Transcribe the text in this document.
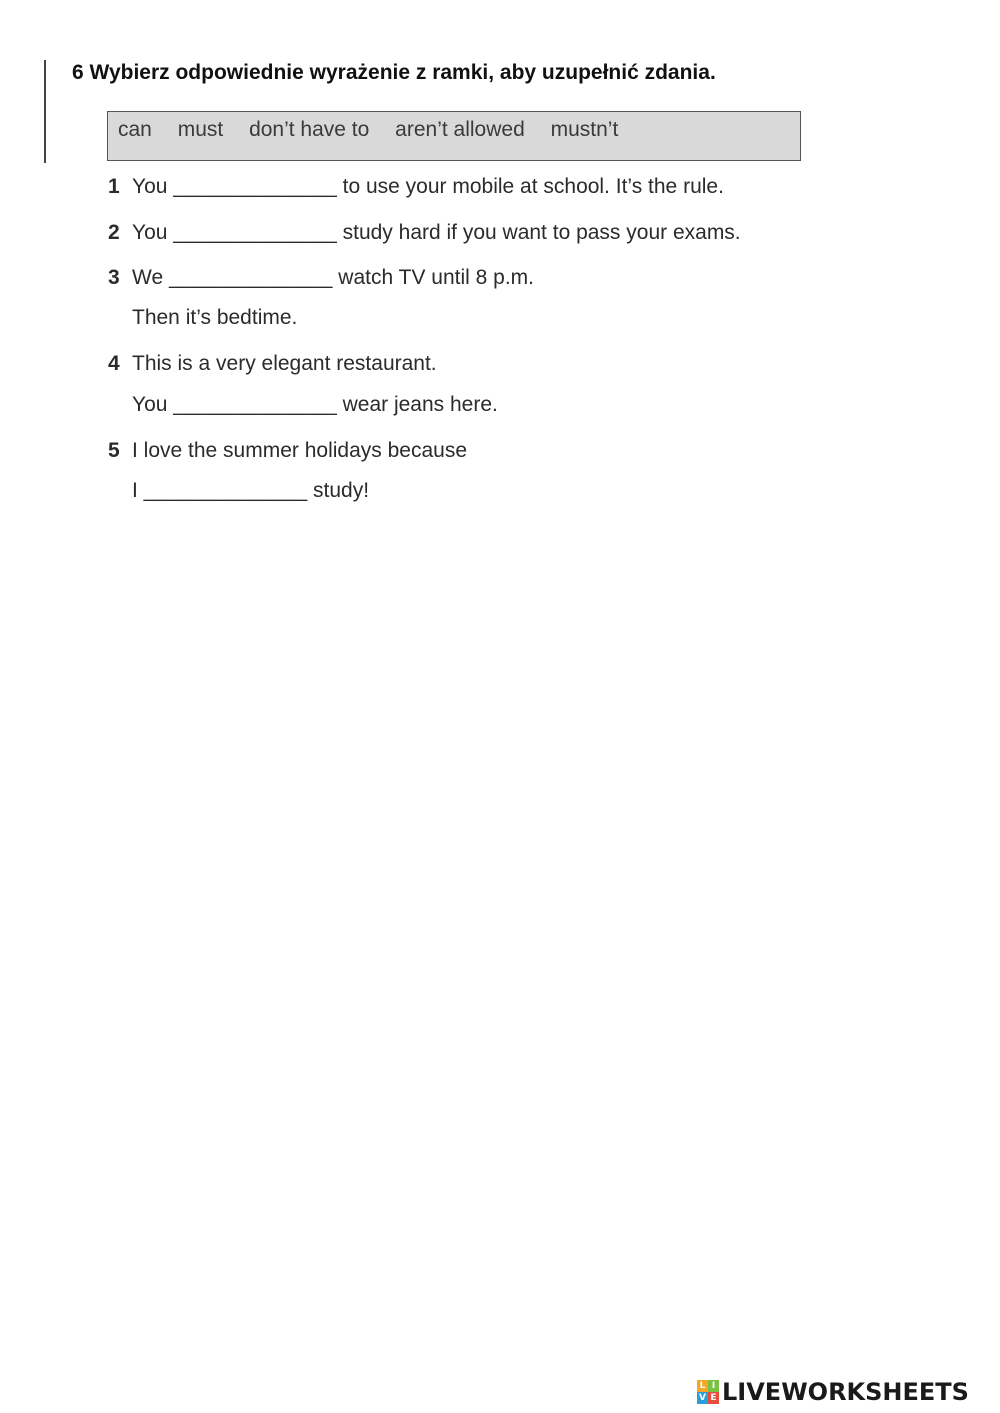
6 Wybierz odpowiednie wyrażenie z ramki, aby uzupełnić zdania.
can must don’t have to aren’t allowed mustn’t
1 You ______________ to use your mobile at school. It’s the rule.
2 You ______________ study hard if you want to pass your exams.
3 We ______________ watch TV until 8 p.m.
Then it’s bedtime.
4 This is a very elegant restaurant.
You ______________ wear jeans here.
5 I love the summer holidays because
I ______________ study!
L I
V E LIVEWORKSHEETS
